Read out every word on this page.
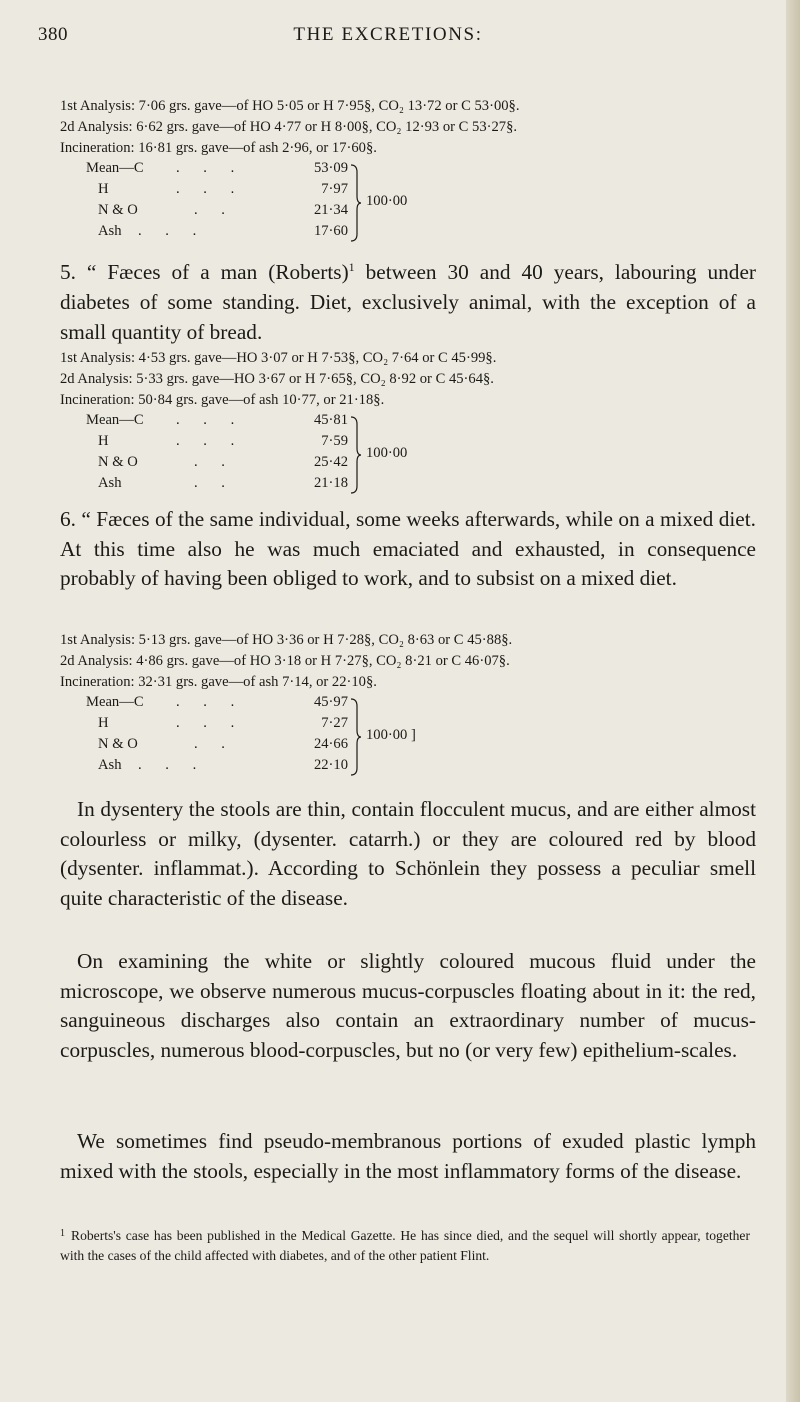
380	THE EXCRETIONS:
1st Analysis: 7·06 grs. gave—of HO 5·05 or H 7·95§, CO₂ 13·72 or C 53·00§.
2d Analysis: 6·62 grs. gave—of HO 4·77 or H 8·00§, CO₂ 12·93 or C 53·27§.
Incineration: 16·81 grs. gave—of ash 2·96, or 17·60§.
Mean—C . . .	53·09
H	. . .	7·97
N & O	. .	21·34
Ash . . .	17·60
100·00
5. “ Fæces of a man (Roberts)$^1$ between 30 and 40 years, labouring under diabetes of some standing. Diet, exclusively animal, with the exception of a small quantity of bread.
1st Analysis: 4·53 grs. gave—HO 3·07 or H 7·53§, CO₂ 7·64 or C 45·99§.
2d Analysis: 5·33 grs. gave—HO 3·67 or H 7·65§, CO₂ 8·92 or C 45·64§.
Incineration: 50·84 grs. gave—of ash 10·77, or 21·18§.
Mean—C . . .	45·81
H	. . .	7·59
N & O	. .	25·42
Ash	. .	21·18
100·00
6. “ Fæces of the same individual, some weeks afterwards, while on a mixed diet. At this time also he was much emaciated and exhausted, in consequence probably of having been obliged to work, and to subsist on a mixed diet.
1st Analysis: 5·13 grs. gave—of HO 3·36 or H 7·28§, CO₂ 8·63 or C 45·88§.
2d Analysis: 4·86 grs. gave—of HO 3·18 or H 7·27§, CO₂ 8·21 or C 46·07§.
Incineration: 32·31 grs. gave—of ash 7·14, or 22·10§.
Mean—C . . .	45·97
H	. . .	7·27
N & O	. .	24·66
Ash . . .	22·10
100·00 ]
In dysentery the stools are thin, contain flocculent mucus, and are either almost colourless or milky, (dysenter. catarrh.) or they are coloured red by blood (dysenter. inflammat.). According to Schönlein they possess a peculiar smell quite characteristic of the disease.
On examining the white or slightly coloured mucous fluid under the microscope, we observe numerous mucus-corpuscles floating about in it: the red, sanguineous discharges also contain an extraordinary number of mucus-corpuscles, numerous blood-corpuscles, but no (or very few) epithelium-scales.
We sometimes find pseudo-membranous portions of exuded plastic lymph mixed with the stools, especially in the most inflammatory forms of the disease.
$^1$ Roberts's case has been published in the Medical Gazette. He has since died, and the sequel will shortly appear, together with the cases of the child affected with diabetes, and of the other patient Flint.
